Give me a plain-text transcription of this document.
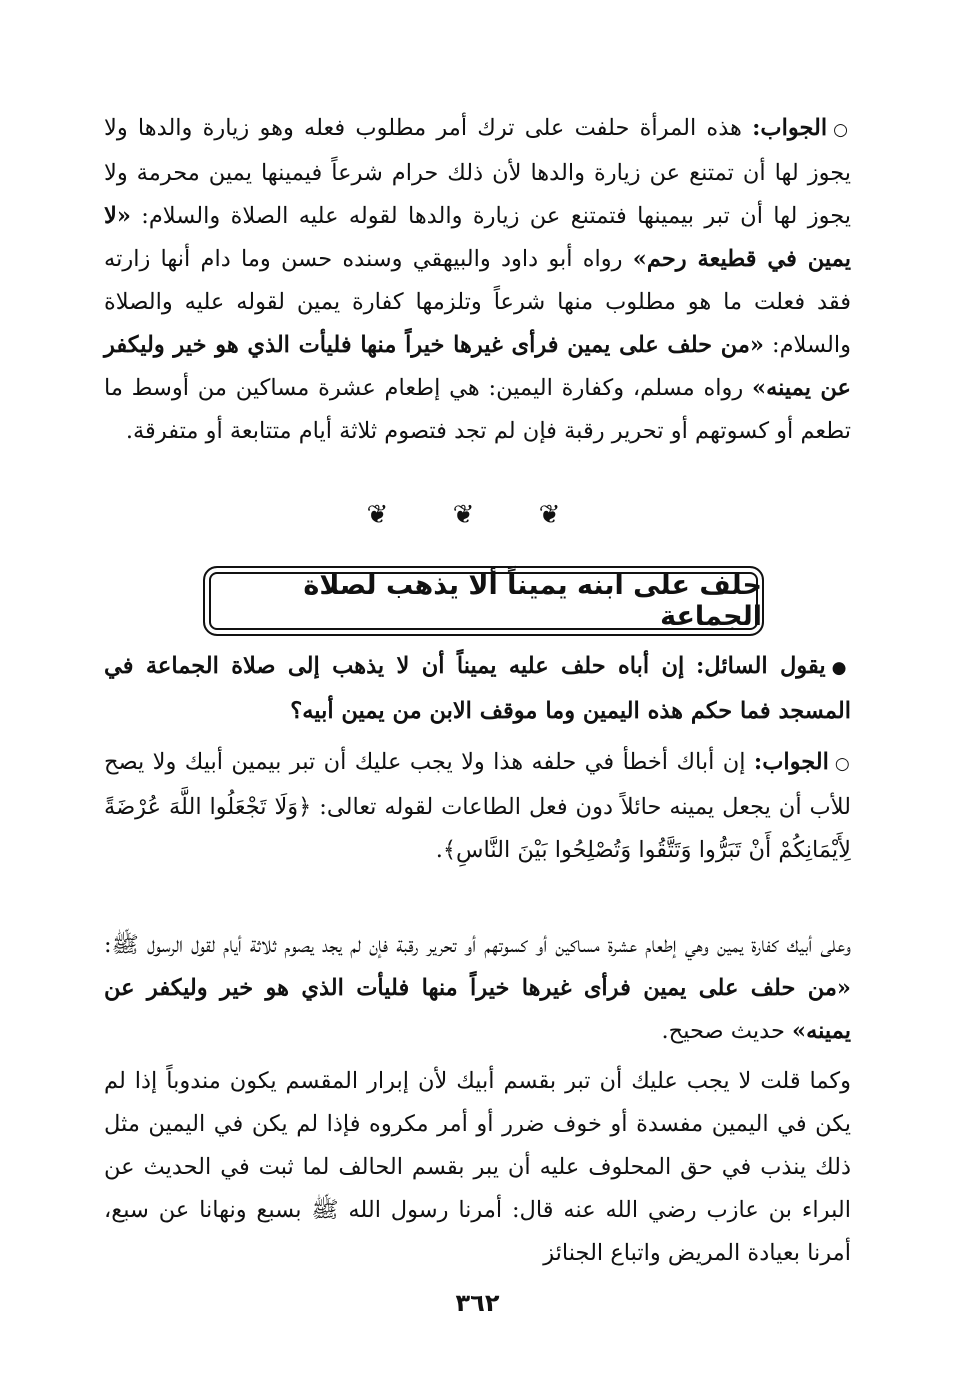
○الجواب: هذه المرأة حلفت على ترك أمر مطلوب فعله وهو زيارة والدها ولا يجوز لها أن تمتنع عن زيارة والدها لأن ذلك حرام شرعاً فيمينها يمين محرمة ولا يجوز لها أن تبر بيمينها فتمتنع عن زيارة والدها لقوله عليه الصلاة والسلام: «لا يمين في قطيعة رحم» رواه أبو داود والبيهقي وسنده حسن وما دام أنها زارته فقد فعلت ما هو مطلوب منها شرعاً وتلزمها كفارة يمين لقوله عليه والصلاة والسلام: «من حلف على يمين فرأى غيرها خيراً منها فليأت الذي هو خير وليكفر عن يمينه» رواه مسلم، وكفارة اليمين: هي إطعام عشرة مساكين من أوسط ما تطعم أو كسوتهم أو تحرير رقبة فإن لم تجد فتصوم ثلاثة أيام متتابعة أو متفرقة.
❦ ❦ ❦
حلف على ابنه يميناً ألا يذهب لصلاة الجماعة
●يقول السائل: إن أباه حلف عليه يميناً أن لا يذهب إلى صلاة الجماعة في المسجد فما حكم هذه اليمين وما موقف الابن من يمين أبيه؟
○الجواب: إن أباك أخطأ في حلفه هذا ولا يجب عليك أن تبر بيمين أبيك ولا يصح للأب أن يجعل يمينه حائلاً دون فعل الطاعات لقوله تعالى: ﴿وَلَا تَجْعَلُوا اللَّهَ عُرْضَةً لِأَيْمَانِكُمْ أَنْ تَبَرُّوا وَتَتَّقُوا وَتُصْلِحُوا بَيْنَ النَّاسِ﴾.
وعلى أبيك كفارة يمين وهي إطعام عشرة مساكين أو كسوتهم أو تحرير رقبة فإن لم يجد يصوم ثلاثة أيام لقول الرسول ﷺ: «من حلف على يمين فرأى غيرها خيراً منها فليأت الذي هو خير وليكفر عن يمينه» حديث صحيح.
وكما قلت لا يجب عليك أن تبر بقسم أبيك لأن إبرار المقسم يكون مندوباً إذا لم يكن في اليمين مفسدة أو خوف ضرر أو أمر مكروه فإذا لم يكن في اليمين مثل ذلك ينذب في حق المحلوف عليه أن يبر بقسم الحالف لما ثبت في الحديث عن البراء بن عازب رضي الله عنه قال: أمرنا رسول الله ﷺ بسبع ونهانا عن سبع، أمرنا بعيادة المريض واتباع الجنائز
٣٦٢
